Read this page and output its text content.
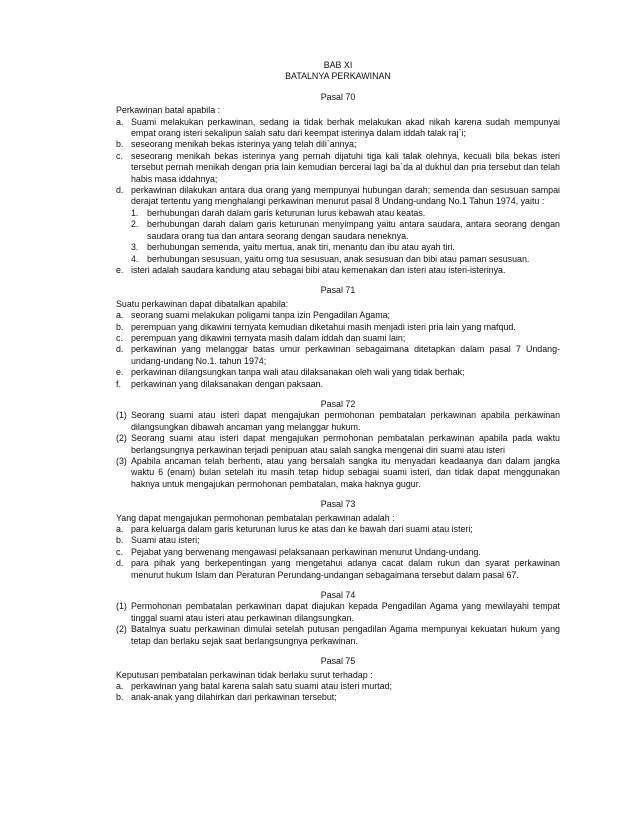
BAB XI
BATALNYA PERKAWINAN
Pasal 70
Perkawinan batal apabila :
a. Suami melakukan perkawinan, sedang ia tidak berhak melakukan akad nikah karena sudah mempunyai empat orang isteri sekalipun salah satu dari keempat isterinya dalam iddah talak raj`i;
b. seseorang menikah bekas isterinya yang telah dili`annya;
c. seseorang menikah bekas isterinya yang pernah dijatuhi tiga kali talak olehnya, kecuali bila bekas isteri tersebut pernah menikah dengan pria lain kemudian bercerai lagi ba`da al dukhul dan pria tersebut dan telah habis masa iddahnya;
d. perkawinan dilakukan antara dua orang yang mempunyai hubungan darah; semenda dan sesusuan sampai derajat tertentu yang menghalangi perkawinan menurut pasal 8 Undang-undang No.1 Tahun 1974, yaitu :
1. berhubungan darah dalam garis keturunan lurus kebawah atau keatas.
2. berhubungan darah dalam garis keturunan menyimpang yaitu antara saudara, antara seorang dengan saudara orang tua dan antara seorang dengan saudara neneknya.
3. berhubungan semenda, yaitu mertua, anak tiri, menantu dan ibu atau ayah tiri.
4. berhubungan sesusuan, yaitu orng tua sesusuan, anak sesusuan dan bibi atau paman sesusuan.
e. isteri adalah saudara kandung atau sebagai bibi atau kemenakan dan isteri atau isteri-isterinya.
Pasal 71
Suatu perkawinan dapat dibatalkan apabila:
a. seorang suami melakukan poligami tanpa izin Pengadilan Agama;
b. perempuan yang dikawini ternyata kemudian diketahui masih menjadi isteri pria lain yang mafqud.
c. perempuan yang dikawini ternyata masih dalam iddah dan suami lain;
d. perkawinan yang melanggar batas umur perkawinan sebagaimana ditetapkan dalam pasal 7 Undang-undang-undang No.1. tahun 1974;
e. perkawinan dilangsungkan tanpa wali atau dilaksanakan oleh wali yang tidak berhak;
f.	perkawinan yang dilaksanakan dengan paksaan.
Pasal 72
(1) Seorang suami atau isteri dapat mengajukan permohonan pembatalan perkawinan apabila perkawinan dilangsungkan dibawah ancaman yang melanggar hukum.
(2) Seorang suami atau isteri dapat mengajukan permohonan pembatalan perkawinan apabila pada waktu berlangsungnya perkawinan terjadi penipuan atau salah sangka mengenai diri suami atau isteri
(3) Apabila ancaman telah berhenti, atau yang bersalah sangka itu menyadari keadaanya dan dalam jangka waktu 6 (enam) bulan setelah itu masih tetap hidup sebagai suami isteri, dan tidak dapat menggunakan haknya untuk mengajukan permohonan pembatalan, maka haknya gugur.
Pasal 73
Yang dapat mengajukan permohonan pembatalan perkawinan adalah :
a. para keluarga dalam garis keturunan lurus ke atas dan ke bawah dari suami atau isteri;
b. Suami atau isteri;
c. Pejabat yang berwenang mengawasi pelaksanaan perkawinan menurut Undang-undang.
d. para pihak yang berkepentingan yang mengetahui adanya cacat dalam rukun dan syarat perkawinan menurut hukum Islam dan Peraturan Perundang-undangan sebagaimana tersebut dalam pasal 67.
Pasal 74
(1) Permohonan pembatalan perkawinan dapat diajukan kepada Pengadilan Agama yang mewilayahi tempat tinggal suami atau isteri atau perkawinan dilangsungkan.
(2) Batalnya suatu perkawinan dimulai setelah putusan pengadilan Agama mempunyai kekuatan hukum yang tetap dan berlaku sejak saat berlangsungnya perkawinan.
Pasal 75
Keputusan pembatalan perkawinan tidak berlaku surut terhadap :
a. perkawinan yang batal karena salah satu suami atau isteri murtad;
b. anak-anak yang dilahirkan dari perkawinan tersebut;
